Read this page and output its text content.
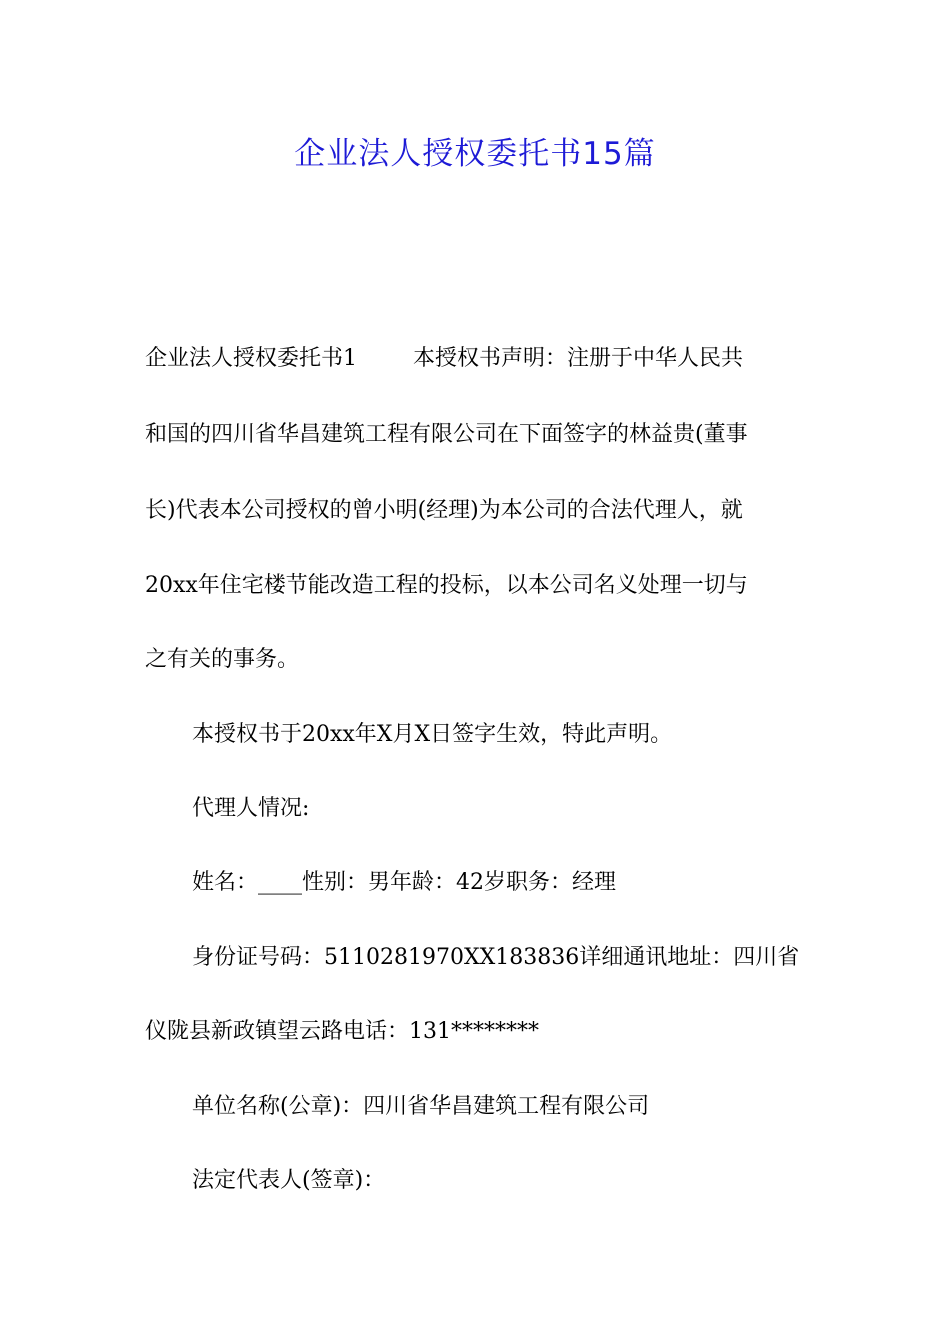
企业法人授权委托书15篇

企业法人授权委托书1	本授权书声明：注册于中华人民共

和国的四川省华昌建筑工程有限公司在下面签字的林益贵(董事

长)代表本公司授权的曾小明(经理)为本公司的合法代理人，就

20xx年住宅楼节能改造工程的投标，以本公司名义处理一切与

之有关的事务。

本授权书于20xx年X月X日签字生效，特此声明。

代理人情况:

姓名：____性别：男年龄：42岁职务：经理

身份证号码：5110281970XX183836详细通讯地址：四川省

仪陇县新政镇望云路电话：131********

单位名称(公章)：四川省华昌建筑工程有限公司

法定代表人(签章)：
